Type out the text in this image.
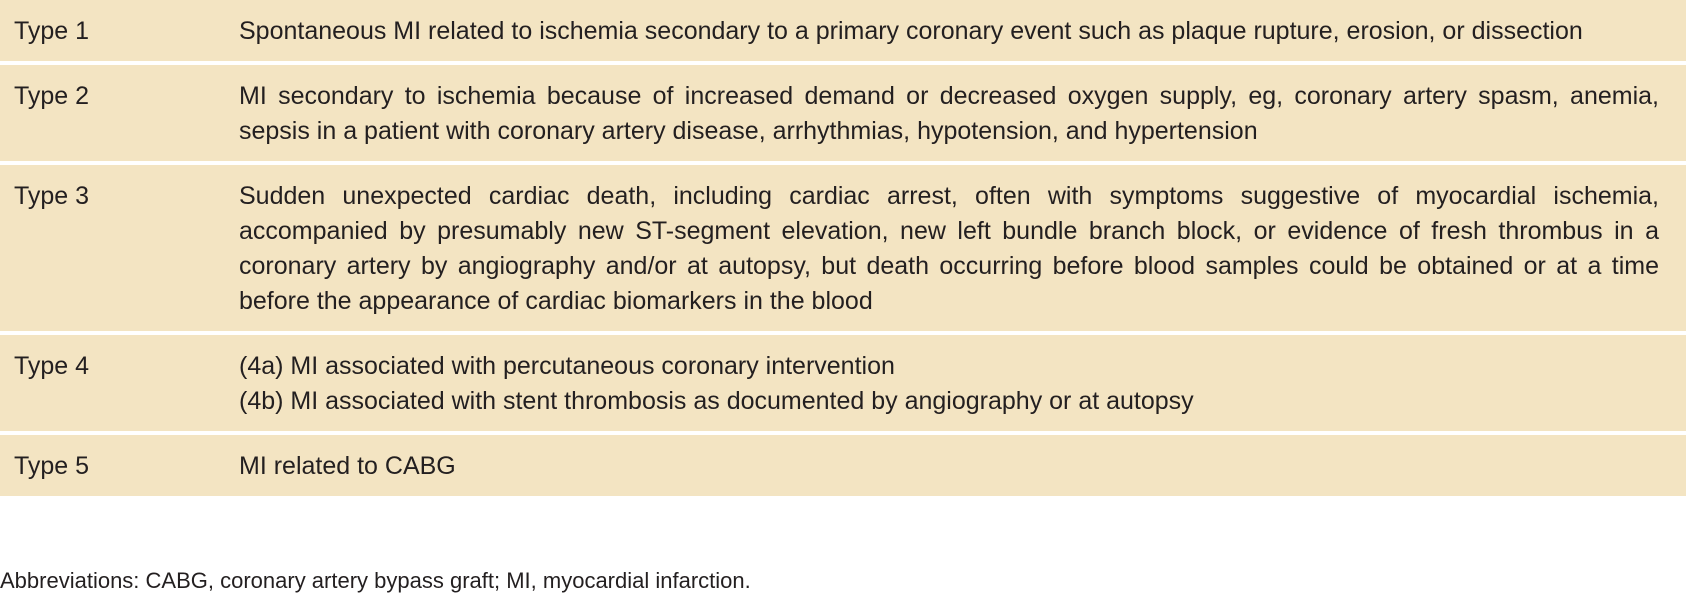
Type 1	Spontaneous MI related to ischemia secondary to a primary coronary event such as plaque rupture, erosion, or dissection
Type 2	MI secondary to ischemia because of increased demand or decreased oxygen supply, eg, coronary artery spasm, anemia, sepsis in a patient with coronary artery disease, arrhythmias, hypotension, and hypertension
Type 3	Sudden unexpected cardiac death, including cardiac arrest, often with symptoms suggestive of myocardial ischemia, accompanied by presumably new ST-segment elevation, new left bundle branch block, or evidence of fresh thrombus in a coronary artery by angiography and/or at autopsy, but death occurring before blood samples could be obtained or at a time before the appearance of cardiac biomarkers in the blood
Type 4	(4a) MI associated with percutaneous coronary intervention
(4b) MI associated with stent thrombosis as documented by angiography or at autopsy
Type 5	MI related to CABG
Abbreviations: CABG, coronary artery bypass graft; MI, myocardial infarction.
